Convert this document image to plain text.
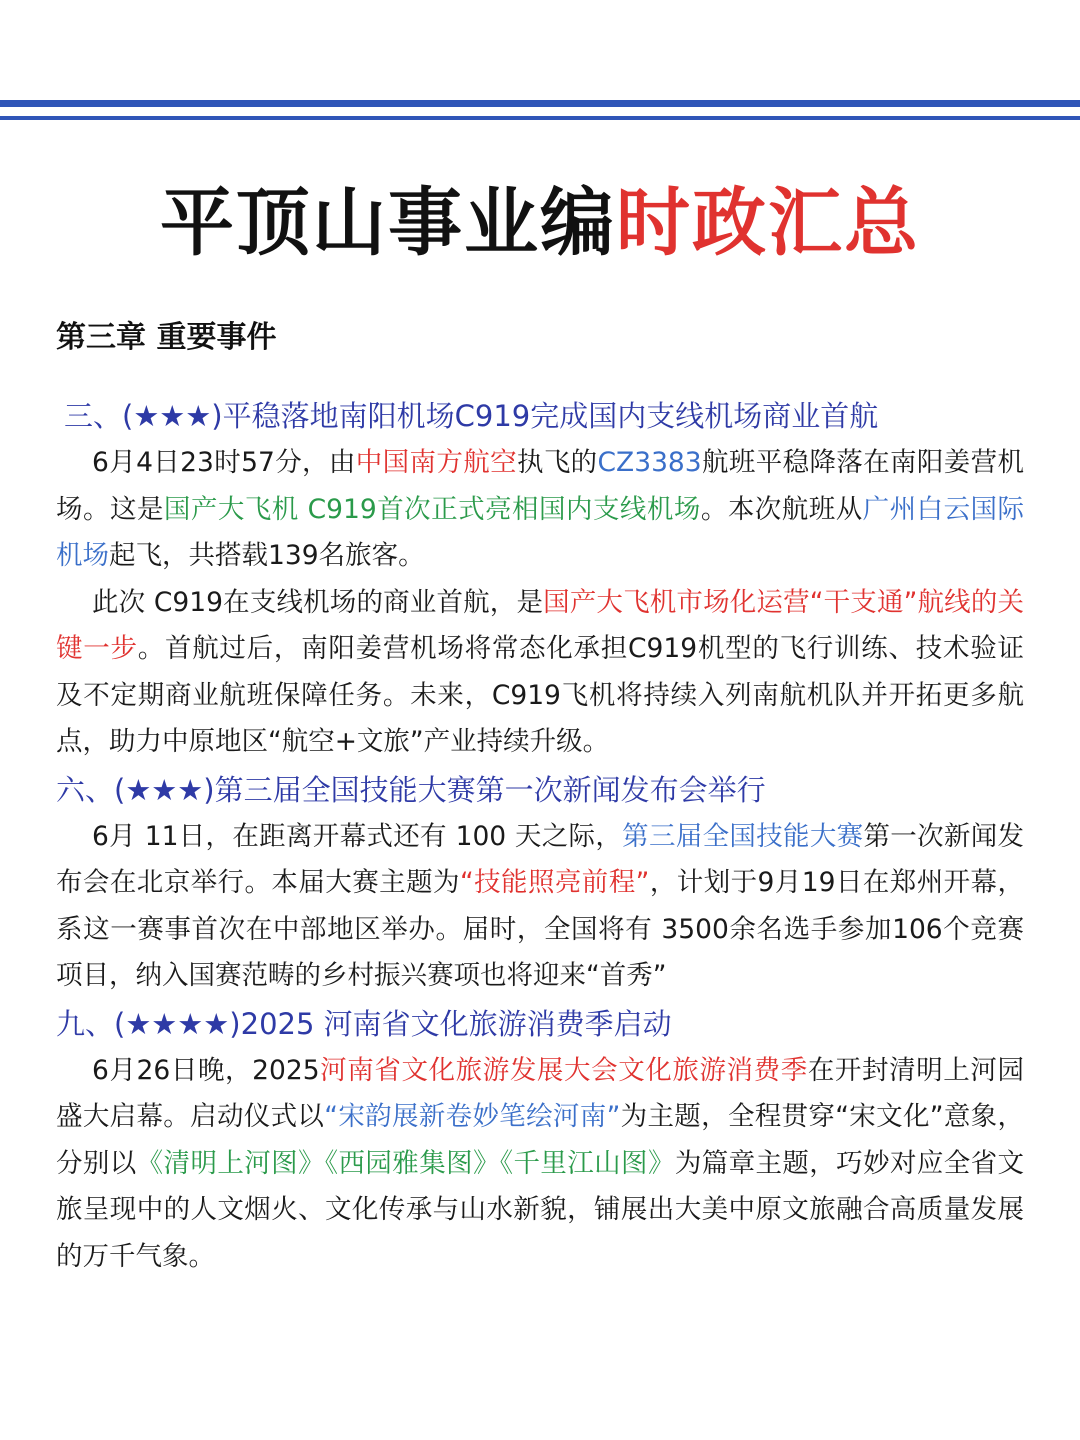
平顶山事业编时政汇总
第三章 重要事件
三、(★★★)平稳落地南阳机场C919完成国内支线机场商业首航

6月4日23时57分，由中国南方航空执飞的CZ3383航班平稳降落在南阳姜营机场。这是国产大飞机 C919首次正式亮相国内支线机场。本次航班从广州白云国际机场起飞，共搭载139名旅客。

此次 C919在支线机场的商业首航，是国产大飞机市场化运营“干支通”航线的关键一步。首航过后，南阳姜营机场将常态化承担C919机型的飞行训练、技术验证及不定期商业航班保障任务。未来，C919飞机将持续入列南航机队并开拓更多航点，助力中原地区“航空+文旅”产业持续升级。

六、(★★★)第三届全国技能大赛第一次新闻发布会举行

6月 11日，在距离开幕式还有 100 天之际，第三届全国技能大赛第一次新闻发布会在北京举行。本届大赛主题为“技能照亮前程”，计划于9月19日在郑州开幕，系这一赛事首次在中部地区举办。届时，全国将有 3500余名选手参加106个竞赛项目，纳入国赛范畴的乡村振兴赛项也将迎来“首秀”

九、(★★★★)2025 河南省文化旅游消费季启动

6月26日晚，2025河南省文化旅游发展大会文化旅游消费季在开封清明上河园盛大启幕。启动仪式以“宋韵展新卷妙笔绘河南”为主题，全程贯穿“宋文化”意象，分别以《清明上河图》《西园雅集图》《千里江山图》为篇章主题，巧妙对应全省文旅呈现中的人文烟火、文化传承与山水新貌，铺展出大美中原文旅融合高质量发展的万千气象。
